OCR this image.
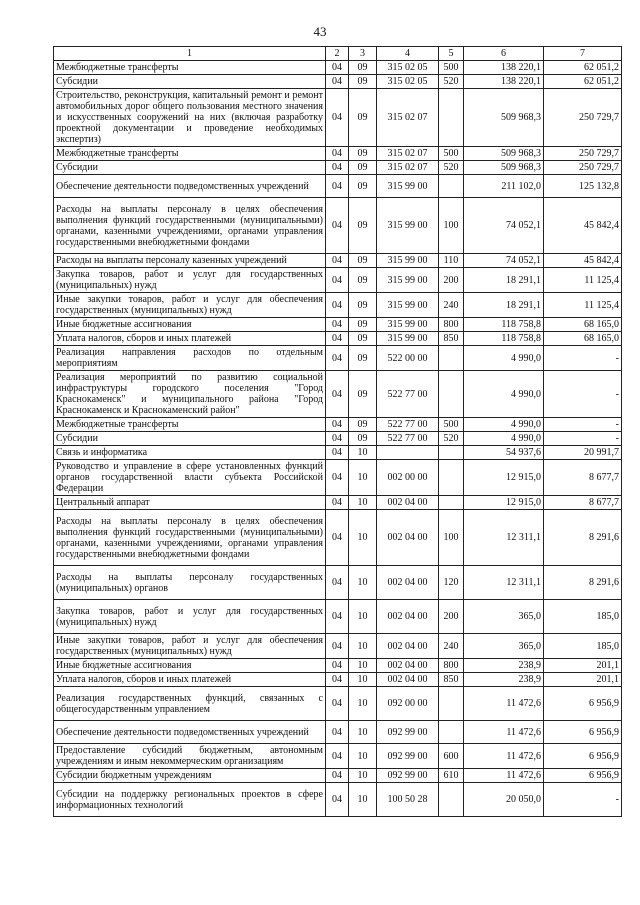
43
1	2	3	4	5	6	7
Межбюджетные трансферты	04	09	315 02 05	500	138 220,1	62 051,2
Субсидии	04	09	315 02 05	520	138 220,1	62 051,2
Строительство, реконструкция, капитальный ремонт и ремонт автомобильных дорог общего пользования местного значения и искусственных сооружений на них (включая разработку проектной документации и проведение необходимых экспертиз)	04	09	315 02 07		509 968,3	250 729,7
Межбюджетные трансферты	04	09	315 02 07	500	509 968,3	250 729,7
Субсидии	04	09	315 02 07	520	509 968,3	250 729,7
Обеспечение деятельности подведомственных учреждений	04	09	315 99 00		211 102,0	125 132,8
Расходы на выплаты персоналу в целях обеспечения выполнения функций государственными (муниципальными) органами, казенными учреждениями, органами управления государственными внебюджетными фондами	04	09	315 99 00	100	74 052,1	45 842,4
Расходы на выплаты персоналу казенных учреждений	04	09	315 99 00	110	74 052,1	45 842,4
Закупка товаров, работ и услуг для государственных (муниципальных) нужд	04	09	315 99 00	200	18 291,1	11 125,4
Иные закупки товаров, работ и услуг для обеспечения государственных (муниципальных) нужд	04	09	315 99 00	240	18 291,1	11 125,4
Иные бюджетные ассигнования	04	09	315 99 00	800	118 758,8	68 165,0
Уплата налогов, сборов и иных платежей	04	09	315 99 00	850	118 758,8	68 165,0
Реализация направления расходов по отдельным мероприятиям	04	09	522 00 00		4 990,0	-
Реализация мероприятий по развитию социальной инфраструктуры городского поселения "Город Краснокаменск" и муниципального района "Город Краснокаменск и Краснокаменский район"	04	09	522 77 00		4 990,0	-
Межбюджетные трансферты	04	09	522 77 00	500	4 990,0	-
Субсидии	04	09	522 77 00	520	4 990,0	-
Связь и информатика	04	10			54 937,6	20 991,7
Руководство и управление в сфере установленных функций органов государственной власти субъекта Российской Федерации	04	10	002 00 00		12 915,0	8 677,7
Центральный аппарат	04	10	002 04 00		12 915,0	8 677,7
Расходы на выплаты персоналу в целях обеспечения выполнения функций государственными (муниципальными) органами, казенными учреждениями, органами управления государственными внебюджетными фондами	04	10	002 04 00	100	12 311,1	8 291,6
Расходы на выплаты персоналу государственных (муниципальных) органов	04	10	002 04 00	120	12 311,1	8 291,6
Закупка товаров, работ и услуг для государственных (муниципальных) нужд	04	10	002 04 00	200	365,0	185,0
Иные закупки товаров, работ и услуг для обеспечения государственных (муниципальных) нужд	04	10	002 04 00	240	365,0	185,0
Иные бюджетные ассигнования	04	10	002 04 00	800	238,9	201,1
Уплата налогов, сборов и иных платежей	04	10	002 04 00	850	238,9	201,1
Реализация государственных функций, связанных с общегосударственным управлением	04	10	092 00 00		11 472,6	6 956,9
Обеспечение деятельности подведомственных учреждений	04	10	092 99 00		11 472,6	6 956,9
Предоставление субсидий бюджетным, автономным учреждениям и иным некоммерческим организациям	04	10	092 99 00	600	11 472,6	6 956,9
Субсидии бюджетным учреждениям	04	10	092 99 00	610	11 472,6	6 956,9
Субсидии на поддержку региональных проектов в сфере информационных технологий	04	10	100 50 28		20 050,0	-
